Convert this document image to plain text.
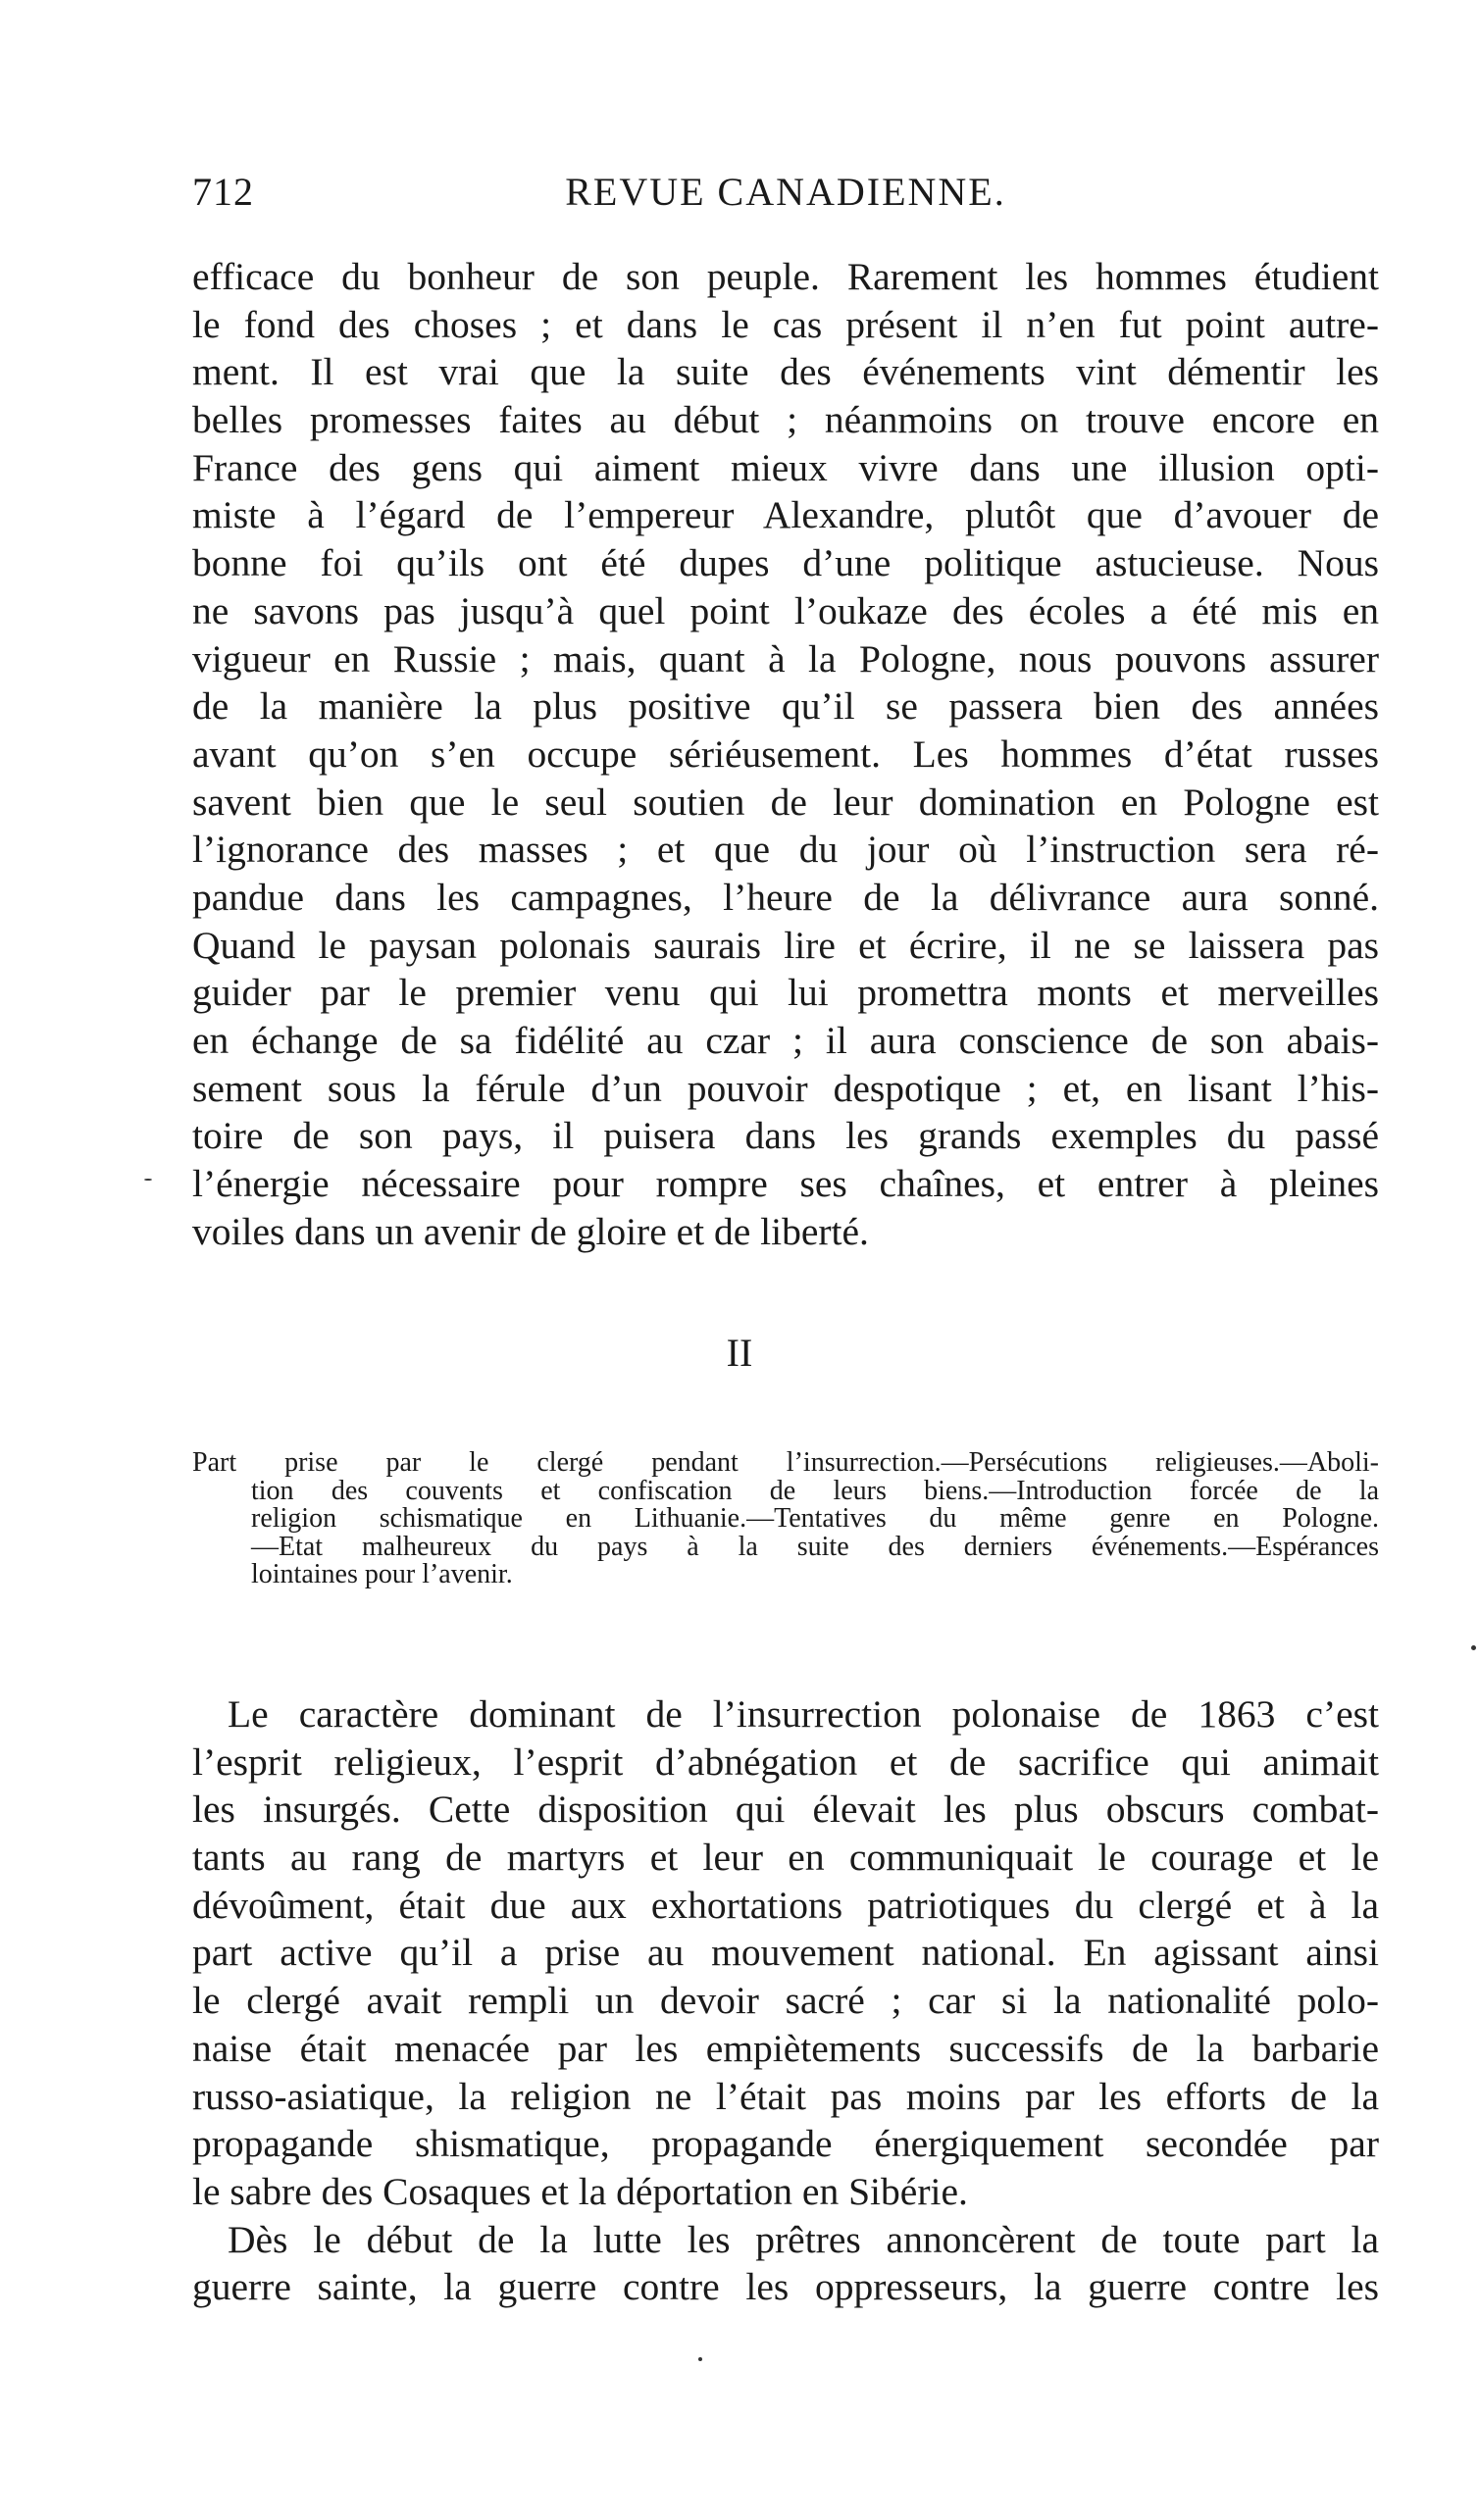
712	REVUE CANADIENNE.
efficace du bonheur de son peuple. Rarement les hommes étudient
le fond des choses ; et dans le cas présent il n’en fut point autre-
ment. Il est vrai que la suite des événements vint démentir les
belles promesses faites au début ; néanmoins on trouve encore en
France des gens qui aiment mieux vivre dans une illusion opti-
miste à l’égard de l’empereur Alexandre, plutôt que d’avouer de
bonne foi qu’ils ont été dupes d’une politique astucieuse. Nous
ne savons pas jusqu’à quel point l’oukaze des écoles a été mis en
vigueur en Russie ; mais, quant à la Pologne, nous pouvons assurer
de la manière la plus positive qu’il se passera bien des années
avant qu’on s’en occupe sériéusement. Les hommes d’état russes
savent bien que le seul soutien de leur domination en Pologne est
l’ignorance des masses ; et que du jour où l’instruction sera ré-
pandue dans les campagnes, l’heure de la délivrance aura sonné.
Quand le paysan polonais saurais lire et écrire, il ne se laissera pas
guider par le premier venu qui lui promettra monts et merveilles
en échange de sa fidélité au czar ; il aura conscience de son abais-
sement sous la férule d’un pouvoir despotique ; et, en lisant l’his-
toire de son pays, il puisera dans les grands exemples du passé
l’énergie nécessaire pour rompre ses chaînes, et entrer à pleines
voiles dans un avenir de gloire et de liberté.
II
Part prise par le clergé pendant l’insurrection.—Persécutions religieuses.—Aboli-
tion des couvents et confiscation de leurs biens.—Introduction forcée de la
religion schismatique en Lithuanie.—Tentatives du même genre en Pologne.
—Etat malheureux du pays à la suite des derniers événements.—Espérances
lointaines pour l’avenir.
Le caractère dominant de l’insurrection polonaise de 1863 c’est
l’esprit religieux, l’esprit d’abnégation et de sacrifice qui animait
les insurgés. Cette disposition qui élevait les plus obscurs combat-
tants au rang de martyrs et leur en communiquait le courage et le
dévoûment, était due aux exhortations patriotiques du clergé et à la
part active qu’il a prise au mouvement national. En agissant ainsi
le clergé avait rempli un devoir sacré ; car si la nationalité polo-
naise était menacée par les empiètements successifs de la barbarie
russo-asiatique, la religion ne l’était pas moins par les efforts de la
propagande shismatique, propagande énergiquement secondée par
le sabre des Cosaques et la déportation en Sibérie.
Dès le début de la lutte les prêtres annoncèrent de toute part la
guerre sainte, la guerre contre les oppresseurs, la guerre contre les
